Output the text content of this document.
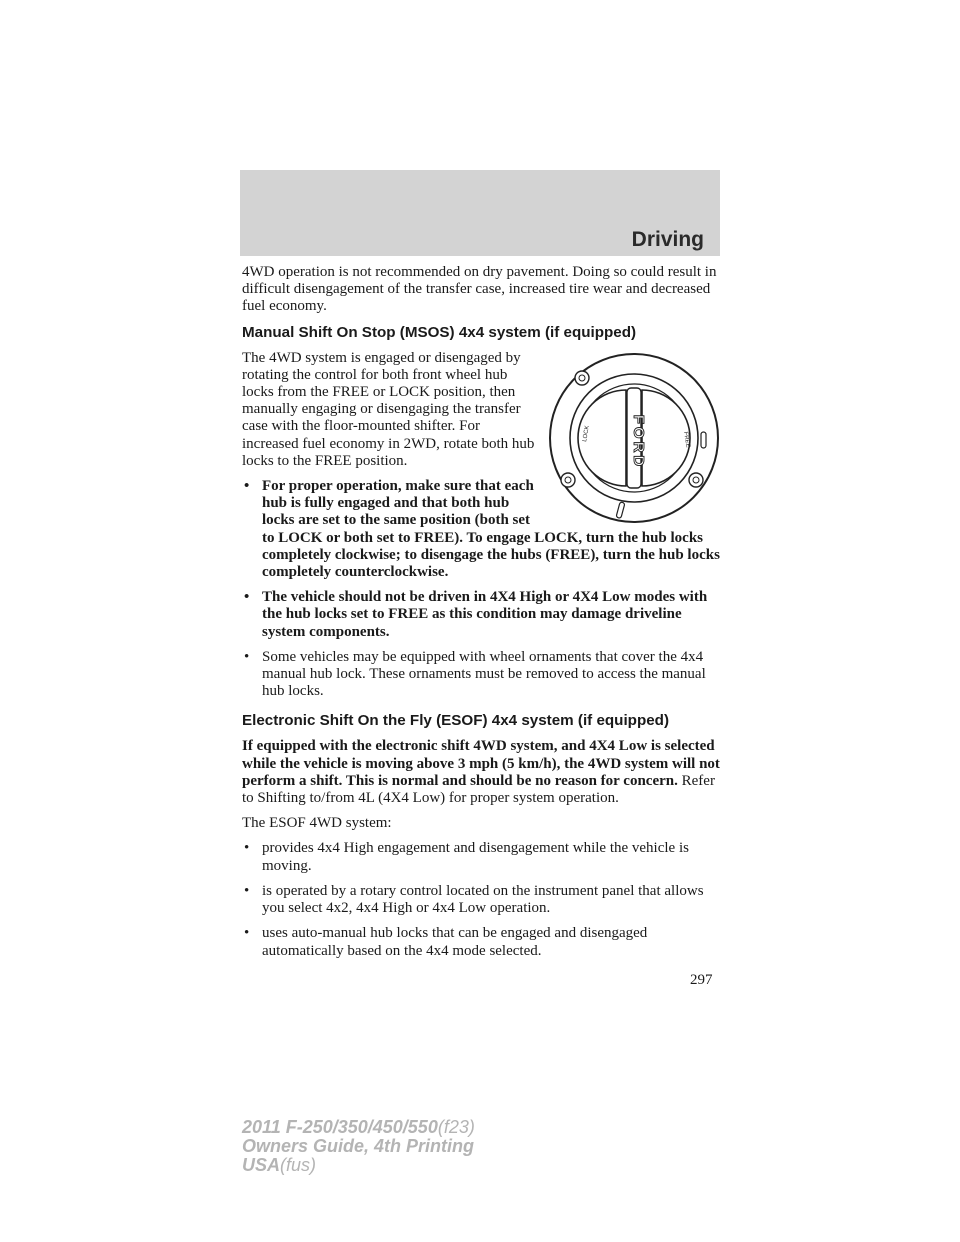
Driving

4WD operation is not recommended on dry pavement. Doing so could result in difficult disengagement of the transfer case, increased tire wear and decreased fuel economy.

Manual Shift On Stop (MSOS) 4x4 system (if equipped)
LOCK	FREE
FORD

The 4WD system is engaged or disengaged by rotating the control for both front wheel hub locks from the FREE or LOCK position, then manually engaging or disengaging the transfer case with the floor-mounted shifter. For increased fuel economy in 2WD, rotate both hub locks to the FREE position.

• For proper operation, make sure that each hub is fully engaged and that both hub locks are set to the same position (both set to LOCK or both set to FREE). To engage LOCK, turn the hub locks completely clockwise; to disengage the hubs (FREE), turn the hub locks completely counterclockwise.
• The vehicle should not be driven in 4X4 High or 4X4 Low modes with the hub locks set to FREE as this condition may damage driveline system components.
• Some vehicles may be equipped with wheel ornaments that cover the 4x4 manual hub lock. These ornaments must be removed to access the manual hub locks.
Electronic Shift On the Fly (ESOF) 4x4 system (if equipped)

If equipped with the electronic shift 4WD system, and 4X4 Low is selected while the vehicle is moving above 3 mph (5 km/h), the 4WD system will not perform a shift. This is normal and should be no reason for concern. Refer to Shifting to/from 4L (4X4 Low) for proper system operation.

The ESOF 4WD system:

• provides 4x4 High engagement and disengagement while the vehicle is moving.
• is operated by a rotary control located on the instrument panel that allows you select 4x2, 4x4 High or 4x4 Low operation.
• uses auto-manual hub locks that can be engaged and disengaged automatically based on the 4x4 mode selected.
297
2011 F-250/350/450/550(f23)
Owners Guide, 4th Printing
USA(fus)
